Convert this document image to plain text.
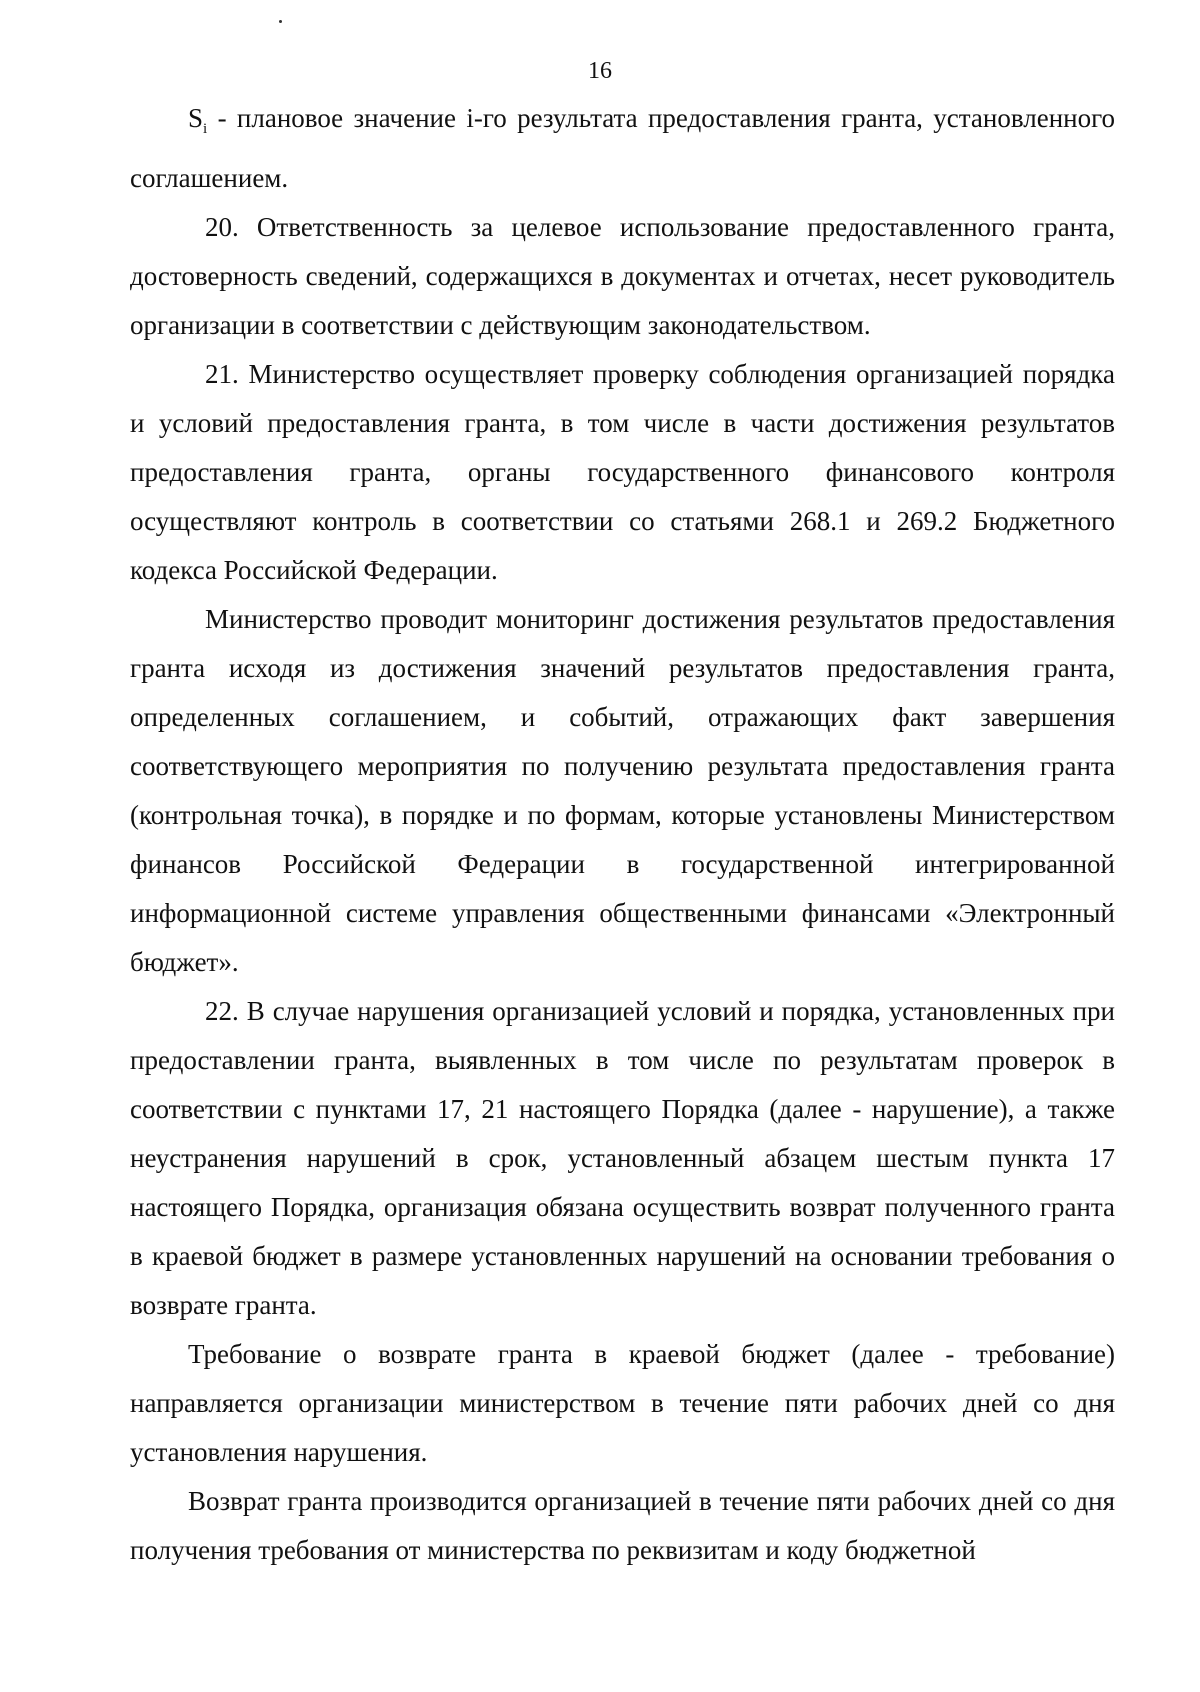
16

$S_i$ - плановое значение i-го результата предоставления гранта, установленного соглашением.

20. Ответственность за целевое использование предоставленного гранта, достоверность сведений, содержащихся в документах и отчетах, несет руководитель организации в соответствии с действующим законодательством.

21. Министерство осуществляет проверку соблюдения организацией порядка и условий предоставления гранта, в том числе в части достижения результатов предоставления гранта, органы государственного финансового контроля осуществляют контроль в соответствии со статьями 268.1 и 269.2 Бюджетного кодекса Российской Федерации.

Министерство проводит мониторинг достижения результатов предоставления гранта исходя из достижения значений результатов предоставления гранта, определенных соглашением, и событий, отражающих факт завершения соответствующего мероприятия по получению результата предоставления гранта (контрольная точка), в порядке и по формам, которые установлены Министерством финансов Российской Федерации в государственной интегрированной информационной системе управления общественными финансами «Электронный бюджет».

22. В случае нарушения организацией условий и порядка, установленных при предоставлении гранта, выявленных в том числе по результатам проверок в соответствии с пунктами 17, 21 настоящего Порядка (далее - нарушение), а также неустранения нарушений в срок, установленный абзацем шестым пункта 17 настоящего Порядка, организация обязана осуществить возврат полученного гранта в краевой бюджет в размере установленных нарушений на основании требования о возврате гранта.

Требование о возврате гранта в краевой бюджет (далее - требование) направляется организации министерством в течение пяти рабочих дней со дня установления нарушения.

Возврат гранта производится организацией в течение пяти рабочих дней со дня получения требования от министерства по реквизитам и коду бюджетной
